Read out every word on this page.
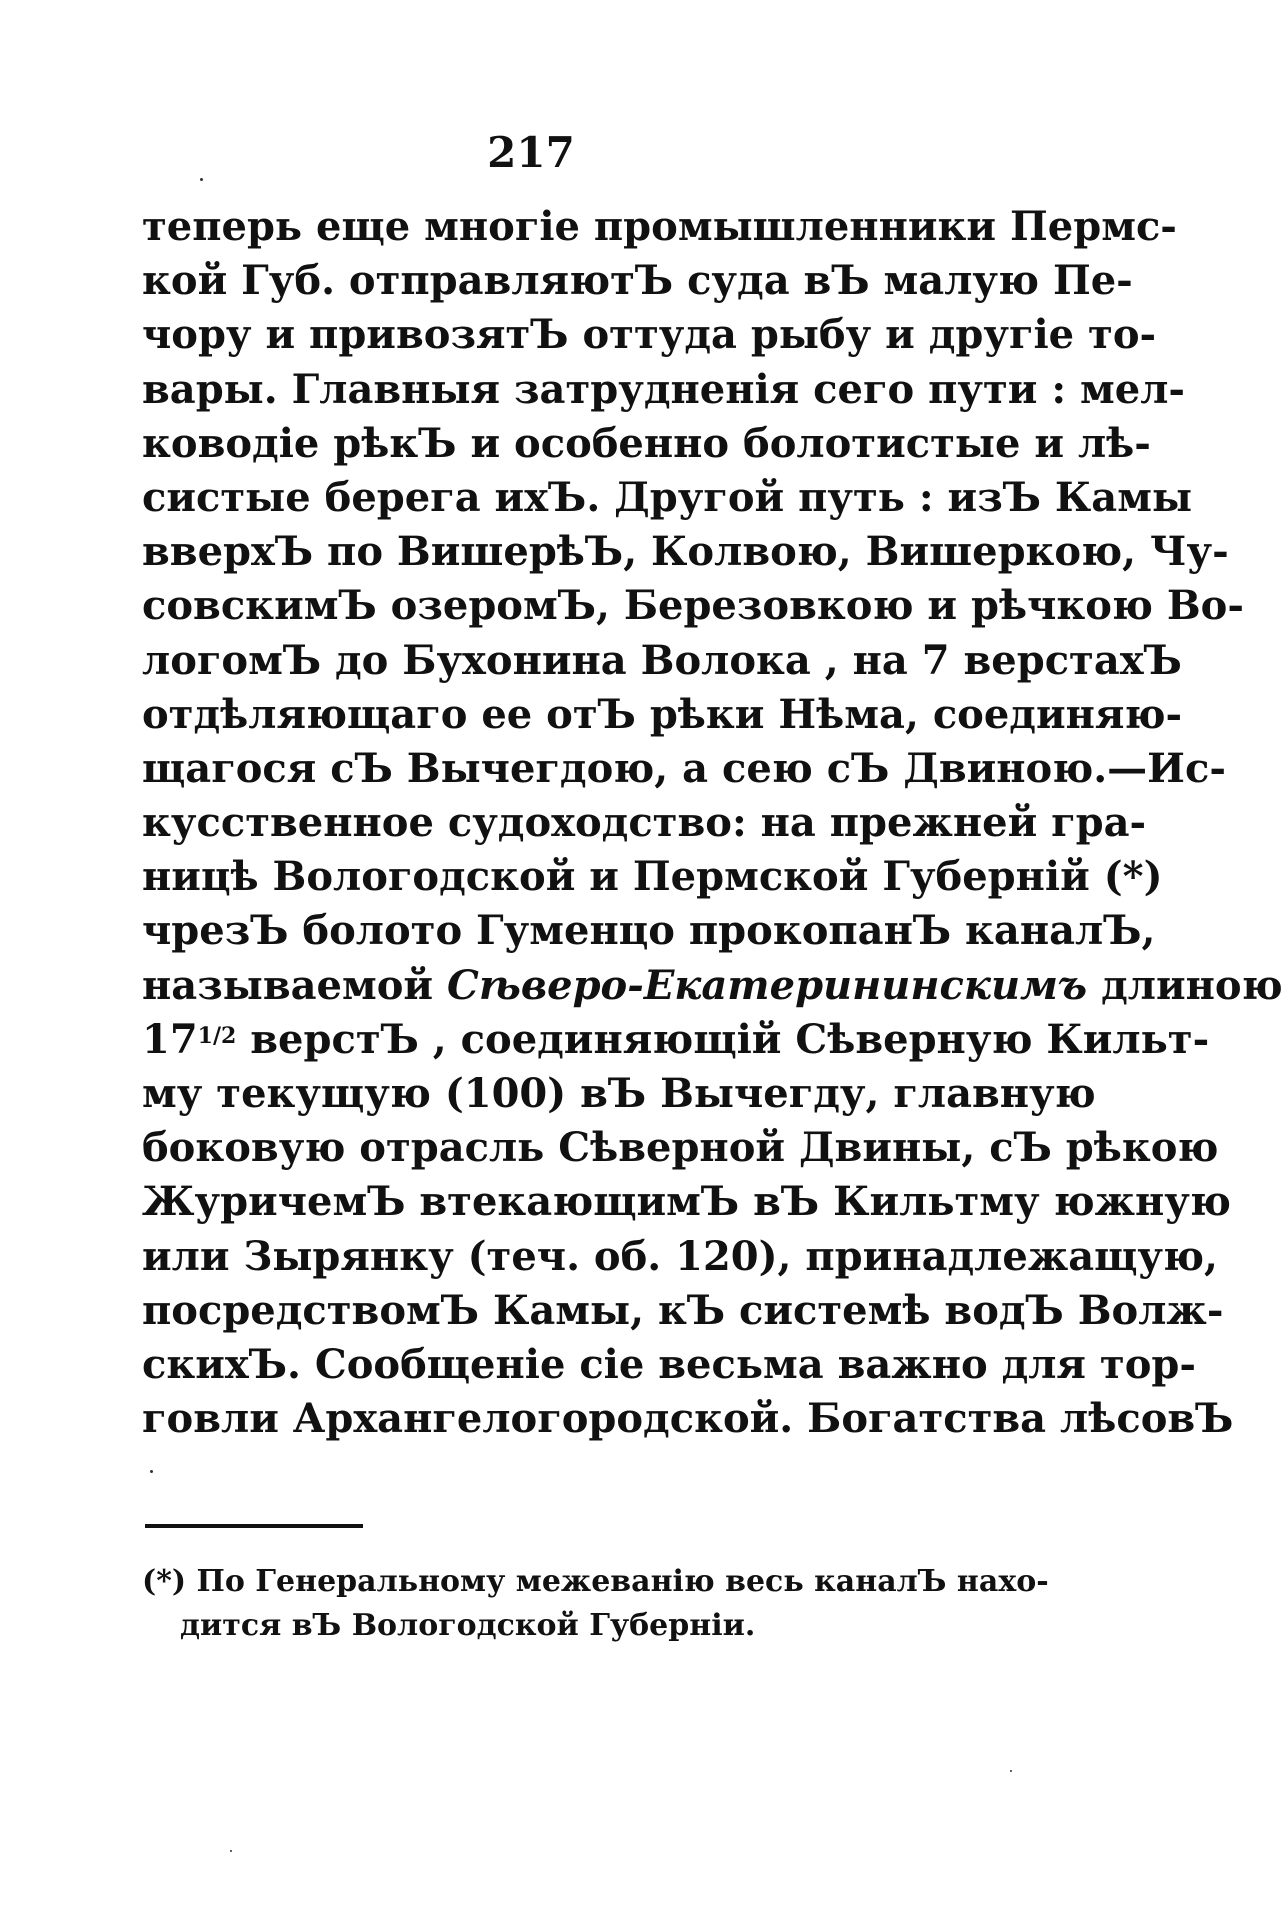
217
теперь еще многіе промышленники Пермс-
кой Губ. отправляютЪ суда вЪ малую Пе-
чору и привозятЪ оттуда рыбу и другіе то-
вары. Главныя затрудненія сего пути : мел-
ководіе рѣкЪ и особенно болотистые и лѣ-
систые берега ихЪ. Другой путь : изЪ Камы
вверхЪ по ВишерѣЪ, Колвою, Вишеркою, Чу-
совскимЪ озеромЪ, Березовкою и рѣчкою Во-
логомЪ до Бухонина Волока , на 7 верстахЪ
отдѣляющаго ее отЪ рѣки Нѣма, соединяю-
щагося сЪ Вычегдою, а сею сЪ Двиною.—Ис-
кусственное судоходство: на прежней гра-
ницѣ Вологодской и Пермской Губерній (*)
чрезЪ болото Гуменцо прокопанЪ каналЪ,
называемой Сѣверо-Екатерининскимъ длиною
171/2 верстЪ , соединяющій Сѣверную Кильт-
му текущую (100) вЪ Вычегду, главную
боковую отрасль Сѣверной Двины, сЪ рѣкою
ЖуричемЪ втекающимЪ вЪ Кильтму южную
или Зырянку (теч. об. 120), принадлежащую,
посредствомЪ Камы, кЪ системѣ водЪ Волж-
скихЪ. Сообщеніе сіе весьма важно для тор-
говли Архангелогородской. Богатства лѣсовЪ
(*) По Генеральному межеванію весь каналЪ нахо-
дится вЪ Вологодской Губерніи.
